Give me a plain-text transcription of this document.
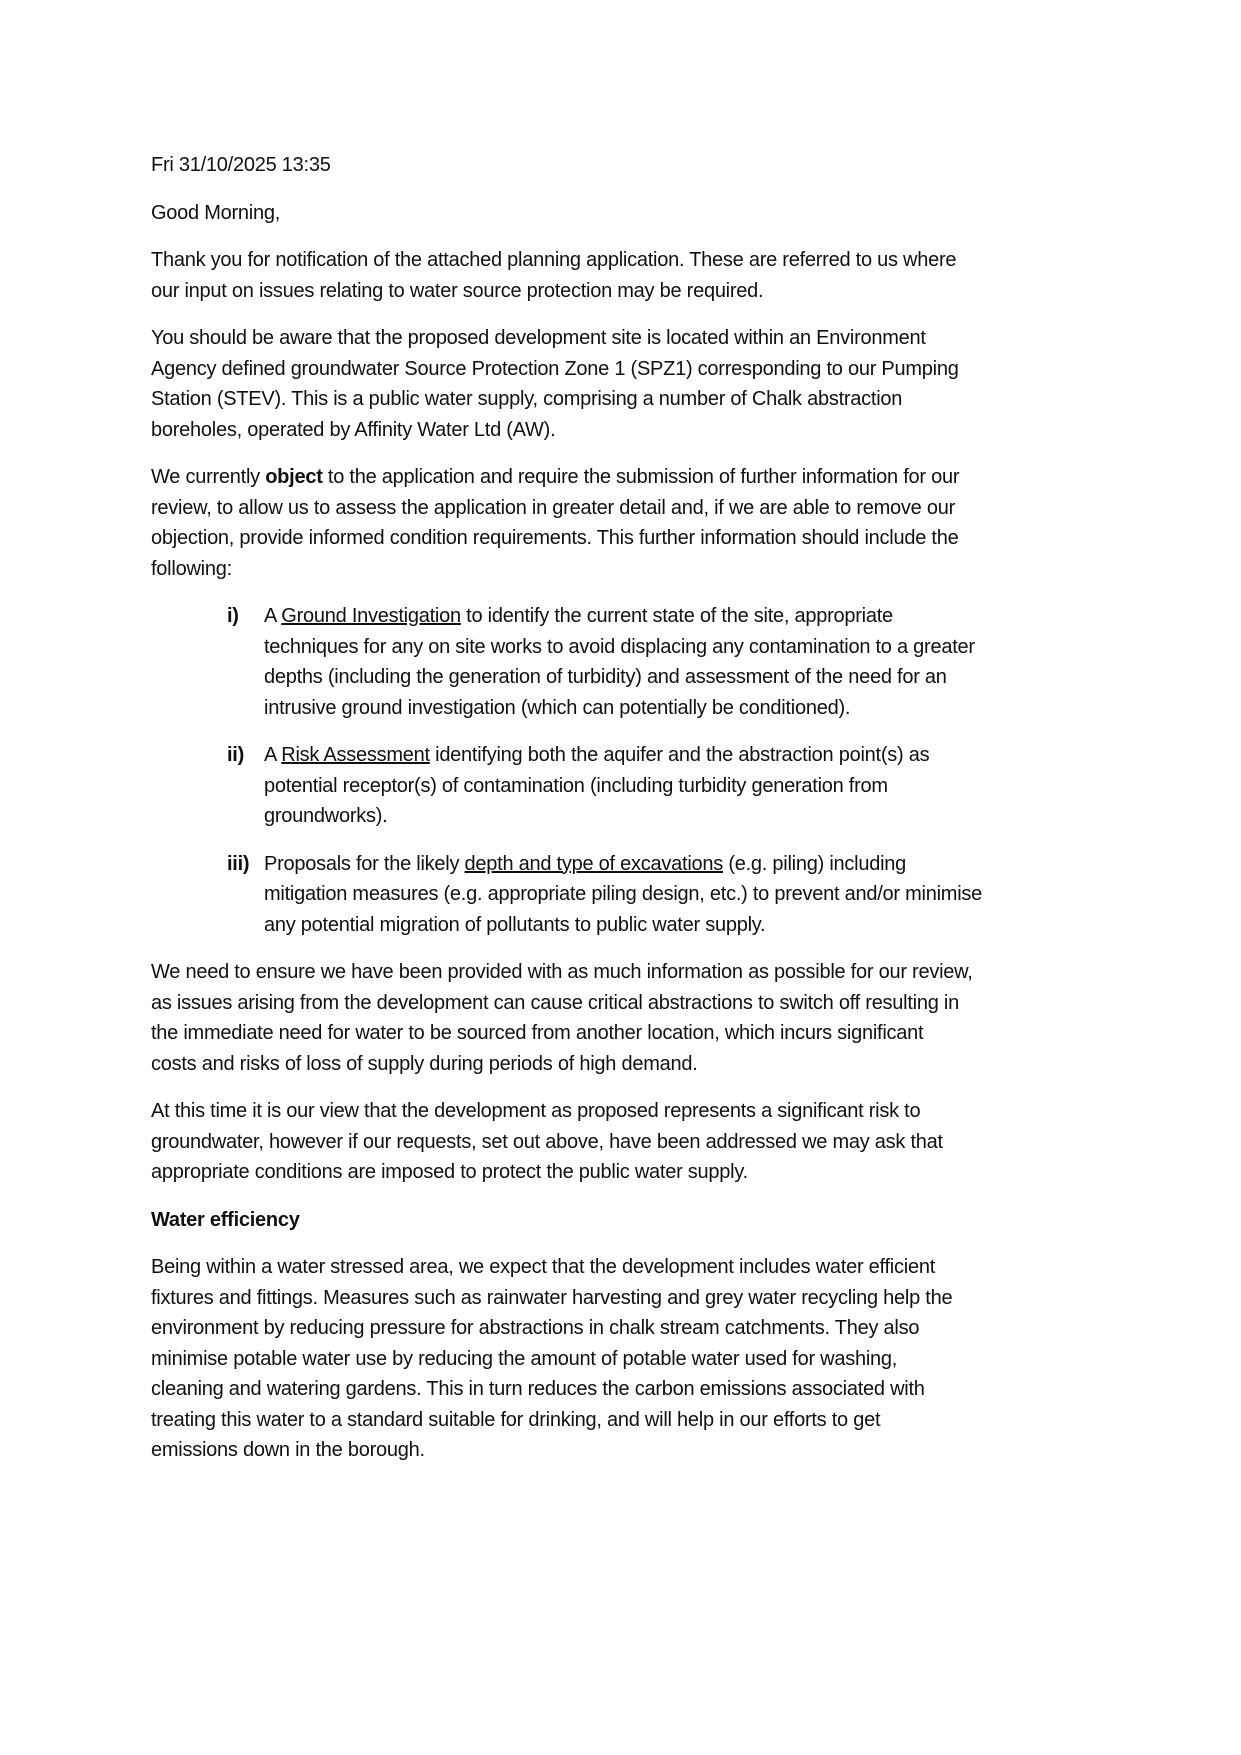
Fri 31/10/2025 13:35
Good Morning,
Thank you for notification of the attached planning application. These are referred to us where
our input on issues relating to water source protection may be required.
You should be aware that the proposed development site is located within an Environment
Agency defined groundwater Source Protection Zone 1 (SPZ1) corresponding to our Pumping
Station (STEV). This is a public water supply, comprising a number of Chalk abstraction
boreholes, operated by Affinity Water Ltd (AW).
We currently object to the application and require the submission of further information for our
review, to allow us to assess the application in greater detail and, if we are able to remove our
objection, provide informed condition requirements. This further information should include the
following:
i) A Ground Investigation to identify the current state of the site, appropriate
techniques for any on site works to avoid displacing any contamination to a greater
depths (including the generation of turbidity) and assessment of the need for an
intrusive ground investigation (which can potentially be conditioned).
ii) A Risk Assessment identifying both the aquifer and the abstraction point(s) as
potential receptor(s) of contamination (including turbidity generation from
groundworks).
iii) Proposals for the likely depth and type of excavations (e.g. piling) including
mitigation measures (e.g. appropriate piling design, etc.) to prevent and/or minimise
any potential migration of pollutants to public water supply.
We need to ensure we have been provided with as much information as possible for our review,
as issues arising from the development can cause critical abstractions to switch off resulting in
the immediate need for water to be sourced from another location, which incurs significant
costs and risks of loss of supply during periods of high demand.
At this time it is our view that the development as proposed represents a significant risk to
groundwater, however if our requests, set out above, have been addressed we may ask that
appropriate conditions are imposed to protect the public water supply.
Water efficiency
Being within a water stressed area, we expect that the development includes water efficient
fixtures and fittings. Measures such as rainwater harvesting and grey water recycling help the
environment by reducing pressure for abstractions in chalk stream catchments. They also
minimise potable water use by reducing the amount of potable water used for washing,
cleaning and watering gardens. This in turn reduces the carbon emissions associated with
treating this water to a standard suitable for drinking, and will help in our efforts to get
emissions down in the borough.
